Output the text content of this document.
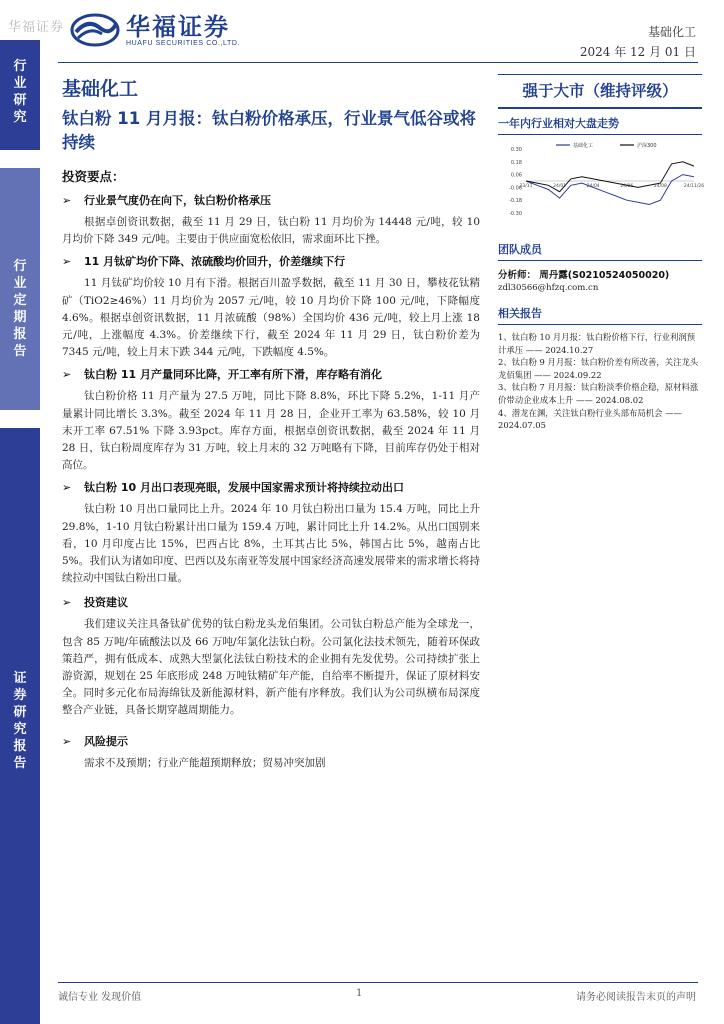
华福证券	华福证券
HUAFU SECURITIES CO.,LTD.
基础化工
2024 年 12 月 01 日
行
业
研
究
行
业
定
期
报
告
证
券
研
究
报
告
基础化工
钛白粉 11 月月报：钛白粉价格承压，行业景气低谷或将持续
投资要点：
➢	行业景气度仍在向下，钛白粉价格承压

根据卓创资讯数据，截至 11 月 29 日，钛白粉 11 月均价为 14448 元/吨，较 10 月均价下降 349 元/吨。主要由于供应面宽松依旧，需求面环比下挫。

➢	11 月钛矿均价下降、浓硫酸均价回升，价差继续下行

11 月钛矿均价较 10 月有下滑。根据百川盈孚数据，截至 11 月 30 日，攀枝花钛精矿（TiO2≥46%）11 月均价为 2057 元/吨，较 10 月均价下降 100 元/吨，下降幅度 4.6%。根据卓创资讯数据，11 月浓硫酸（98%）全国均价 436 元/吨，较上月上涨 18 元/吨，上涨幅度 4.3%。价差继续下行，截至 2024 年 11 月 29 日，钛白粉价差为 7345 元/吨，较上月末下跌 344 元/吨，下跌幅度 4.5%。

➢	钛白粉 11 月产量同环比降，开工率有所下滑，库存略有消化

钛白粉价格 11 月产量为 27.5 万吨，同比下降 8.8%，环比下降 5.2%，1-11 月产量累计同比增长 3.3%。截至 2024 年 11 月 28 日，企业开工率为 63.58%，较 10 月末开工率 67.51% 下降 3.93pct。库存方面，根据卓创资讯数据，截至 2024 年 11 月 28 日，钛白粉周度库存为 31 万吨，较上月末的 32 万吨略有下降，目前库存仍处于相对高位。

➢	钛白粉 10 月出口表现亮眼，发展中国家需求预计将持续拉动出口

钛白粉 10 月出口量同比上升。2024 年 10 月钛白粉出口量为 15.4 万吨，同比上升 29.8%，1-10 月钛白粉累计出口量为 159.4 万吨，累计同比上升 14.2%。从出口国别来看，10 月印度占比 15%，巴西占比 8%，土耳其占比 5%，韩国占比 5%，越南占比 5%。我们认为诸如印度、巴西以及东南亚等发展中国家经济高速发展带来的需求增长将持续拉动中国钛白粉出口量。

➢	投资建议

我们建议关注具备钛矿优势的钛白粉龙头龙佰集团。公司钛白粉总产能为全球龙一，包含 85 万吨/年硫酸法以及 66 万吨/年氯化法钛白粉。公司氯化法技术领先，随着环保政策趋严，拥有低成本、成熟大型氯化法钛白粉技术的企业拥有先发优势。公司持续扩张上游资源，规划在 25 年底形成 248 万吨钛精矿年产能，自给率不断提升，保证了原材料安全。同时多元化布局海绵钛及新能源材料，新产能有序释放。我们认为公司纵横布局深度整合产业链，具备长期穿越周期能力。

➢	风险提示

需求不及预期；行业产能超预期释放；贸易冲突加剧

强于大市（维持评级）
一年内行业相对大盘走势
0.30
0.18
0.06
-0.06
-0.18
-0.30
23/11	24/01	24/04	24/06	24/08	24/11/26
基础化工	沪深300
团队成员
分析师： 周丹露(S0210524050020)
zdl30566@hfzq.com.cn
相关报告
1、钛白粉 10 月月报：钛白粉价格下行，行业利润预计承压 —— 2024.10.27
2、钛白粉 9 月月报：钛白粉价差有所改善，关注龙头龙佰集团 —— 2024.09.22
3、钛白粉 7 月月报：钛白粉淡季价格企稳，原材料涨价带动企业成本上升 —— 2024.08.02
4、潜龙在渊，关注钛白粉行业头部布局机会 —— 2024.07.05
诚信专业 发现价值	1	请务必阅读报告末页的声明
